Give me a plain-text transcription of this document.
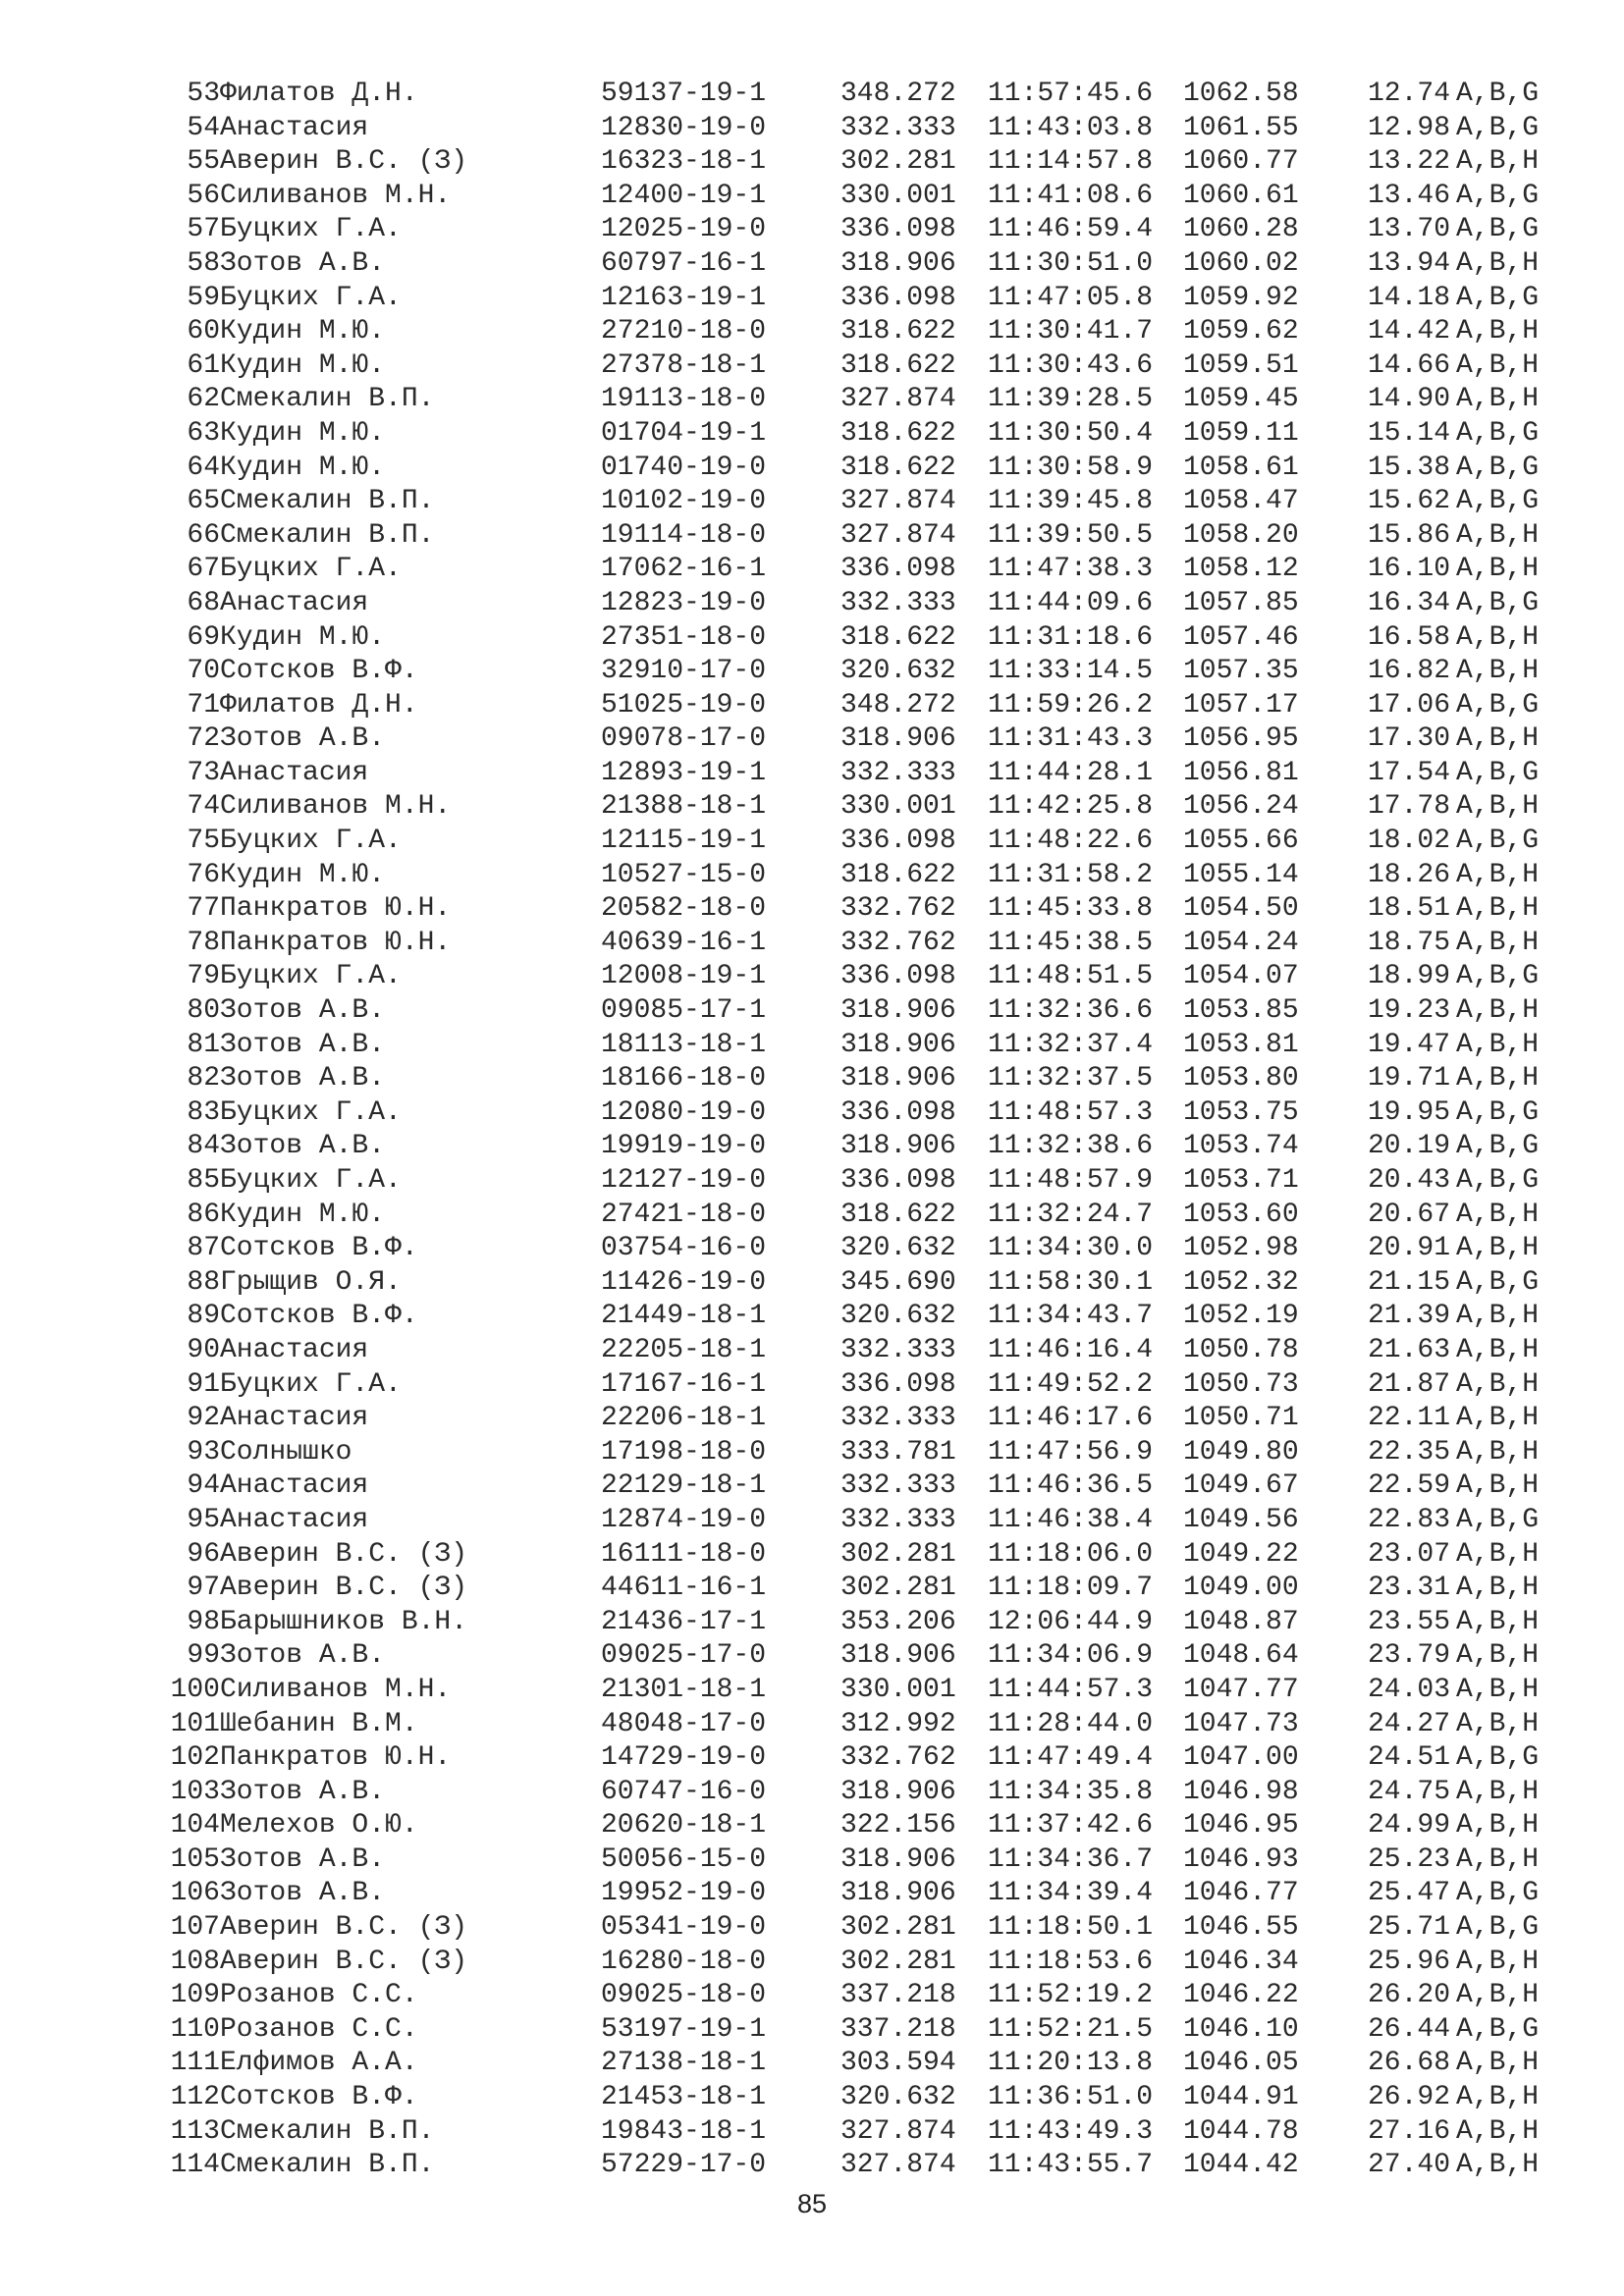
53	Филатов Д.Н.	59137-19-1	348.272	11:57:45.6	1062.58	12.74	A,B,G
54	Анастасия	12830-19-0	332.333	11:43:03.8	1061.55	12.98	A,B,G
55	Аверин В.С. (З)	16323-18-1	302.281	11:14:57.8	1060.77	13.22	A,B,H
56	Силиванов М.Н.	12400-19-1	330.001	11:41:08.6	1060.61	13.46	A,B,G
57	Буцких Г.А.	12025-19-0	336.098	11:46:59.4	1060.28	13.70	A,B,G
58	Зотов А.В.	60797-16-1	318.906	11:30:51.0	1060.02	13.94	A,B,H
59	Буцких Г.А.	12163-19-1	336.098	11:47:05.8	1059.92	14.18	A,B,G
60	Кудин М.Ю.	27210-18-0	318.622	11:30:41.7	1059.62	14.42	A,B,H
61	Кудин М.Ю.	27378-18-1	318.622	11:30:43.6	1059.51	14.66	A,B,H
62	Смекалин В.П.	19113-18-0	327.874	11:39:28.5	1059.45	14.90	A,B,H
63	Кудин М.Ю.	01704-19-1	318.622	11:30:50.4	1059.11	15.14	A,B,G
64	Кудин М.Ю.	01740-19-0	318.622	11:30:58.9	1058.61	15.38	A,B,G
65	Смекалин В.П.	10102-19-0	327.874	11:39:45.8	1058.47	15.62	A,B,G
66	Смекалин В.П.	19114-18-0	327.874	11:39:50.5	1058.20	15.86	A,B,H
67	Буцких Г.А.	17062-16-1	336.098	11:47:38.3	1058.12	16.10	A,B,H
68	Анастасия	12823-19-0	332.333	11:44:09.6	1057.85	16.34	A,B,G
69	Кудин М.Ю.	27351-18-0	318.622	11:31:18.6	1057.46	16.58	A,B,H
70	Сотсков В.Ф.	32910-17-0	320.632	11:33:14.5	1057.35	16.82	A,B,H
71	Филатов Д.Н.	51025-19-0	348.272	11:59:26.2	1057.17	17.06	A,B,G
72	Зотов А.В.	09078-17-0	318.906	11:31:43.3	1056.95	17.30	A,B,H
73	Анастасия	12893-19-1	332.333	11:44:28.1	1056.81	17.54	A,B,G
74	Силиванов М.Н.	21388-18-1	330.001	11:42:25.8	1056.24	17.78	A,B,H
75	Буцких Г.А.	12115-19-1	336.098	11:48:22.6	1055.66	18.02	A,B,G
76	Кудин М.Ю.	10527-15-0	318.622	11:31:58.2	1055.14	18.26	A,B,H
77	Панкратов Ю.Н.	20582-18-0	332.762	11:45:33.8	1054.50	18.51	A,B,H
78	Панкратов Ю.Н.	40639-16-1	332.762	11:45:38.5	1054.24	18.75	A,B,H
79	Буцких Г.А.	12008-19-1	336.098	11:48:51.5	1054.07	18.99	A,B,G
80	Зотов А.В.	09085-17-1	318.906	11:32:36.6	1053.85	19.23	A,B,H
81	Зотов А.В.	18113-18-1	318.906	11:32:37.4	1053.81	19.47	A,B,H
82	Зотов А.В.	18166-18-0	318.906	11:32:37.5	1053.80	19.71	A,B,H
83	Буцких Г.А.	12080-19-0	336.098	11:48:57.3	1053.75	19.95	A,B,G
84	Зотов А.В.	19919-19-0	318.906	11:32:38.6	1053.74	20.19	A,B,G
85	Буцких Г.А.	12127-19-0	336.098	11:48:57.9	1053.71	20.43	A,B,G
86	Кудин М.Ю.	27421-18-0	318.622	11:32:24.7	1053.60	20.67	A,B,H
87	Сотсков В.Ф.	03754-16-0	320.632	11:34:30.0	1052.98	20.91	A,B,H
88	Грыщив О.Я.	11426-19-0	345.690	11:58:30.1	1052.32	21.15	A,B,G
89	Сотсков В.Ф.	21449-18-1	320.632	11:34:43.7	1052.19	21.39	A,B,H
90	Анастасия	22205-18-1	332.333	11:46:16.4	1050.78	21.63	A,B,H
91	Буцких Г.А.	17167-16-1	336.098	11:49:52.2	1050.73	21.87	A,B,H
92	Анастасия	22206-18-1	332.333	11:46:17.6	1050.71	22.11	A,B,H
93	Солнышко	17198-18-0	333.781	11:47:56.9	1049.80	22.35	A,B,H
94	Анастасия	22129-18-1	332.333	11:46:36.5	1049.67	22.59	A,B,H
95	Анастасия	12874-19-0	332.333	11:46:38.4	1049.56	22.83	A,B,G
96	Аверин В.С. (З)	16111-18-0	302.281	11:18:06.0	1049.22	23.07	A,B,H
97	Аверин В.С. (З)	44611-16-1	302.281	11:18:09.7	1049.00	23.31	A,B,H
98	Барышников В.Н.	21436-17-1	353.206	12:06:44.9	1048.87	23.55	A,B,H
99	Зотов А.В.	09025-17-0	318.906	11:34:06.9	1048.64	23.79	A,B,H
100	Силиванов М.Н.	21301-18-1	330.001	11:44:57.3	1047.77	24.03	A,B,H
101	Шебанин В.М.	48048-17-0	312.992	11:28:44.0	1047.73	24.27	A,B,H
102	Панкратов Ю.Н.	14729-19-0	332.762	11:47:49.4	1047.00	24.51	A,B,G
103	Зотов А.В.	60747-16-0	318.906	11:34:35.8	1046.98	24.75	A,B,H
104	Мелехов О.Ю.	20620-18-1	322.156	11:37:42.6	1046.95	24.99	A,B,H
105	Зотов А.В.	50056-15-0	318.906	11:34:36.7	1046.93	25.23	A,B,H
106	Зотов А.В.	19952-19-0	318.906	11:34:39.4	1046.77	25.47	A,B,G
107	Аверин В.С. (З)	05341-19-0	302.281	11:18:50.1	1046.55	25.71	A,B,G
108	Аверин В.С. (З)	16280-18-0	302.281	11:18:53.6	1046.34	25.96	A,B,H
109	Розанов С.С.	09025-18-0	337.218	11:52:19.2	1046.22	26.20	A,B,H
110	Розанов С.С.	53197-19-1	337.218	11:52:21.5	1046.10	26.44	A,B,G
111	Елфимов А.А.	27138-18-1	303.594	11:20:13.8	1046.05	26.68	A,B,H
112	Сотсков В.Ф.	21453-18-1	320.632	11:36:51.0	1044.91	26.92	A,B,H
113	Смекалин В.П.	19843-18-1	327.874	11:43:49.3	1044.78	27.16	A,B,H
114	Смекалин В.П.	57229-17-0	327.874	11:43:55.7	1044.42	27.40	A,B,H
85
